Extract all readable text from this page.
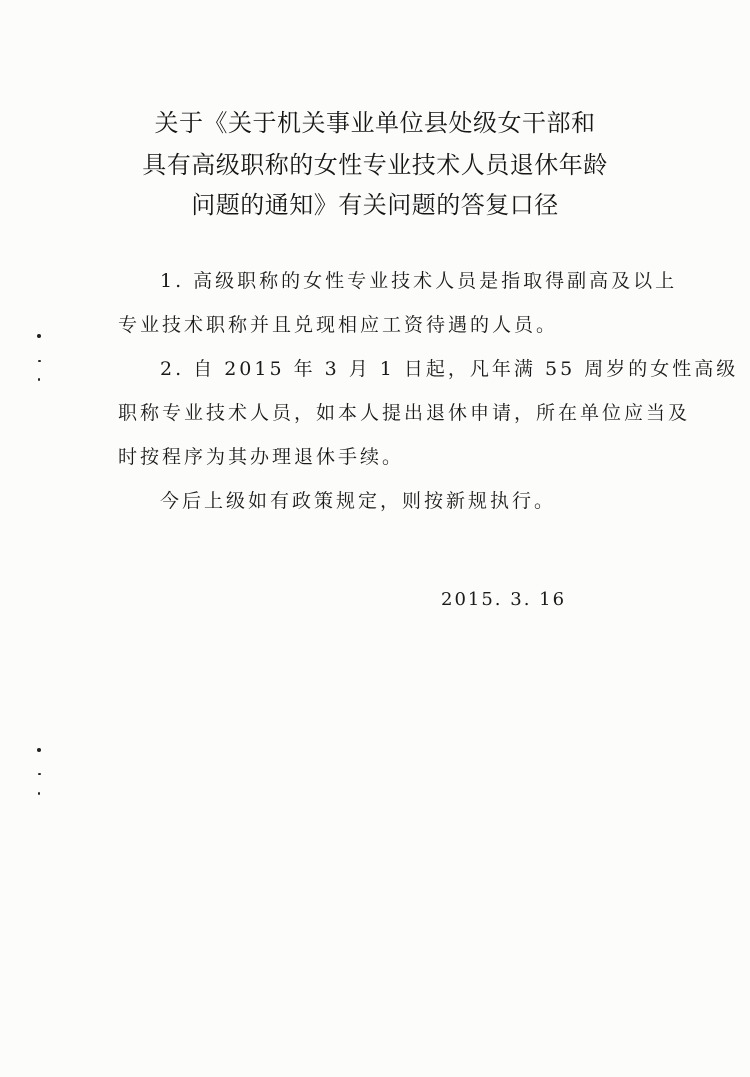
关于《关于机关事业单位县处级女干部和
具有高级职称的女性专业技术人员退休年龄
问题的通知》有关问题的答复口径
1. 高级职称的女性专业技术人员是指取得副高及以上
专业技术职称并且兑现相应工资待遇的人员。
2. 自 2015 年 3 月 1 日起，凡年满 55 周岁的女性高级
职称专业技术人员，如本人提出退休申请，所在单位应当及
时按程序为其办理退休手续。
今后上级如有政策规定，则按新规执行。
2015. 3. 16
